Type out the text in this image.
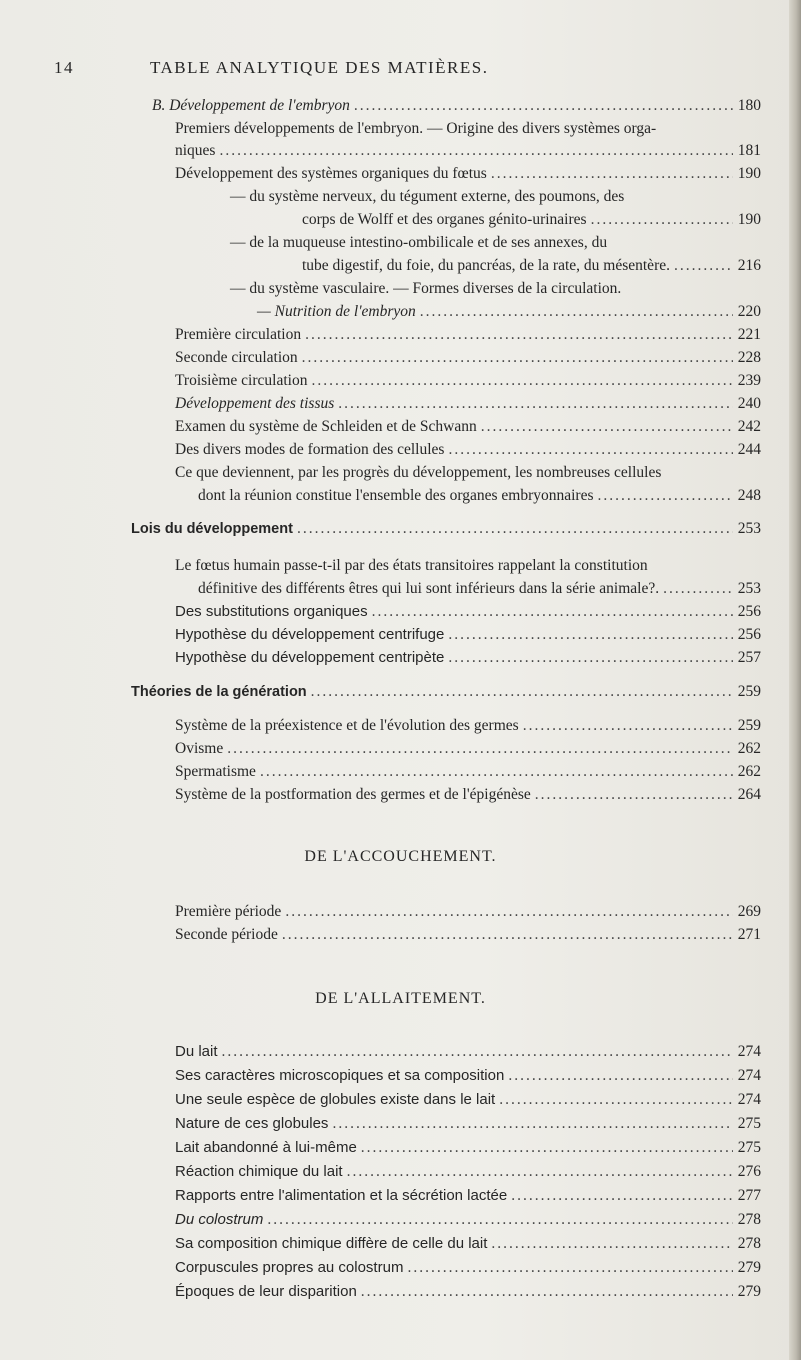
14	TABLE ANALYTIQUE DES MATIÈRES.
B. Développement de l'embryon .....	180
Premiers développements de l'embryon. — Origine des divers systèmes orga-
niques .....	181
Développement des systèmes organiques du fœtus .....	190
— du système nerveux, du tégument externe, des poumons, des
corps de Wolff et des organes génito-urinaires .....	190
— de la muqueuse intestino-ombilicale et de ses annexes, du
tube digestif, du foie, du pancréas, de la rate, du mésentère. .....	216
— du système vasculaire. — Formes diverses de la circulation.
— Nutrition de l'embryon .....	220
Première circulation .....	221
Seconde circulation .....	228
Troisième circulation .....	239
Développement des tissus .....	240
Examen du système de Schleiden et de Schwann .....	242
Des divers modes de formation des cellules .....	244
Ce que deviennent, par les progrès du développement, les nombreuses cellules
dont la réunion constitue l'ensemble des organes embryonnaires .....	248
Lois du développement .....	253
Le fœtus humain passe-t-il par des états transitoires rappelant la constitution
définitive des différents êtres qui lui sont inférieurs dans la série animale?. .....	253
Des substitutions organiques .....	256
Hypothèse du développement centrifuge .....	256
Hypothèse du développement centripète .....	257
Théories de la génération .....	259
Système de la préexistence et de l'évolution des germes .....	259
Ovisme .....	262
Spermatisme .....	262
Système de la postformation des germes et de l'épigénèse .....	264
DE L'ACCOUCHEMENT.
Première période .....	269
Seconde période .....	271
DE L'ALLAITEMENT.
Du lait .....	274
Ses caractères microscopiques et sa composition .....	274
Une seule espèce de globules existe dans le lait .....	274
Nature de ces globules .....	275
Lait abandonné à lui-même .....	275
Réaction chimique du lait .....	276
Rapports entre l'alimentation et la sécrétion lactée .....	277
Du colostrum .....	278
Sa composition chimique diffère de celle du lait .....	278
Corpuscules propres au colostrum .....	279
Époques de leur disparition .....	279
